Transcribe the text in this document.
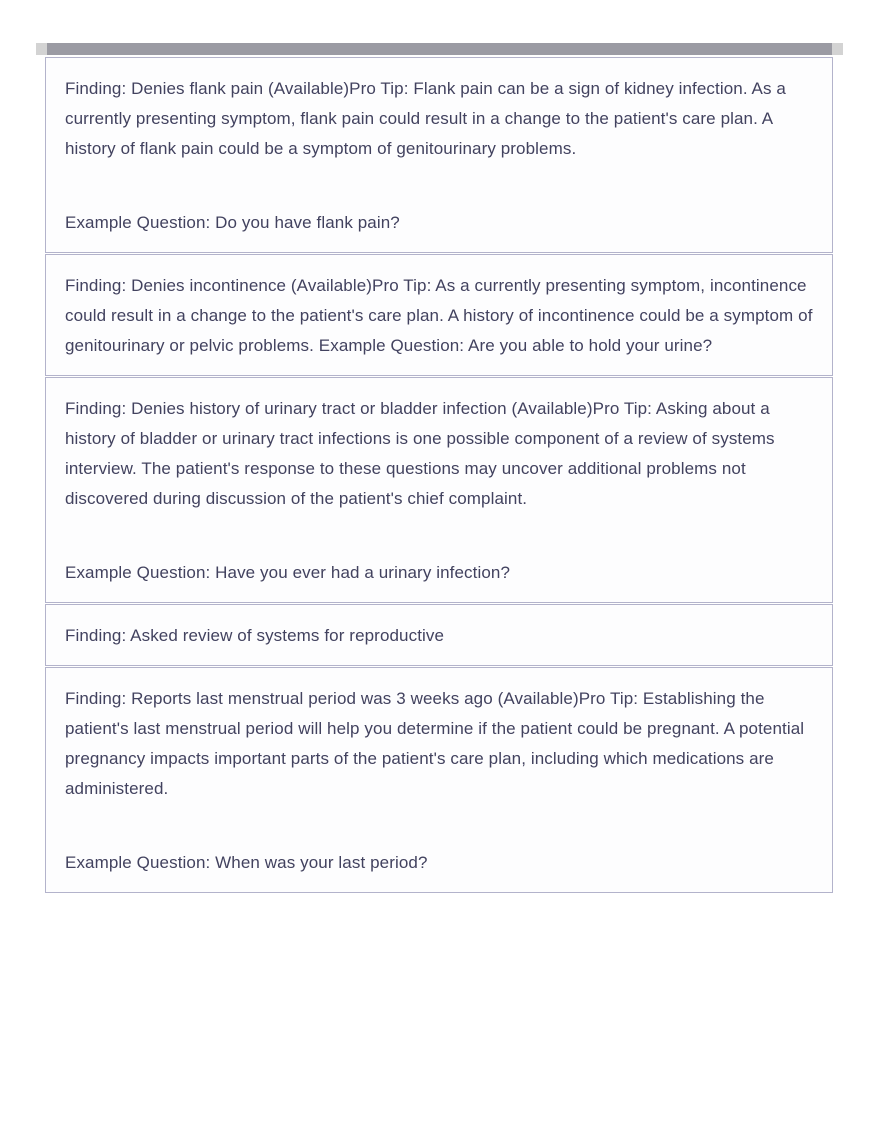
Finding: Denies flank pain (Available)Pro Tip: Flank pain can be a sign of kidney infection. As a currently presenting symptom, flank pain could result in a change to the patient's care plan. A history of flank pain could be a symptom of genitourinary problems.

Example Question: Do you have flank pain?

Finding: Denies incontinence (Available)Pro Tip: As a currently presenting symptom, incontinence could result in a change to the patient's care plan. A history of incontinence could be a symptom of genitourinary or pelvic problems. Example Question: Are you able to hold your urine?

Finding: Denies history of urinary tract or bladder infection (Available)Pro Tip: Asking about a history of bladder or urinary tract infections is one possible component of a review of systems interview. The patient's response to these questions may uncover additional problems not discovered during discussion of the patient's chief complaint.

Example Question: Have you ever had a urinary infection?

Finding: Asked review of systems for reproductive

Finding: Reports last menstrual period was 3 weeks ago (Available)Pro Tip: Establishing the patient's last menstrual period will help you determine if the patient could be pregnant. A potential pregnancy impacts important parts of the patient's care plan, including which medications are administered.

Example Question: When was your last period?
